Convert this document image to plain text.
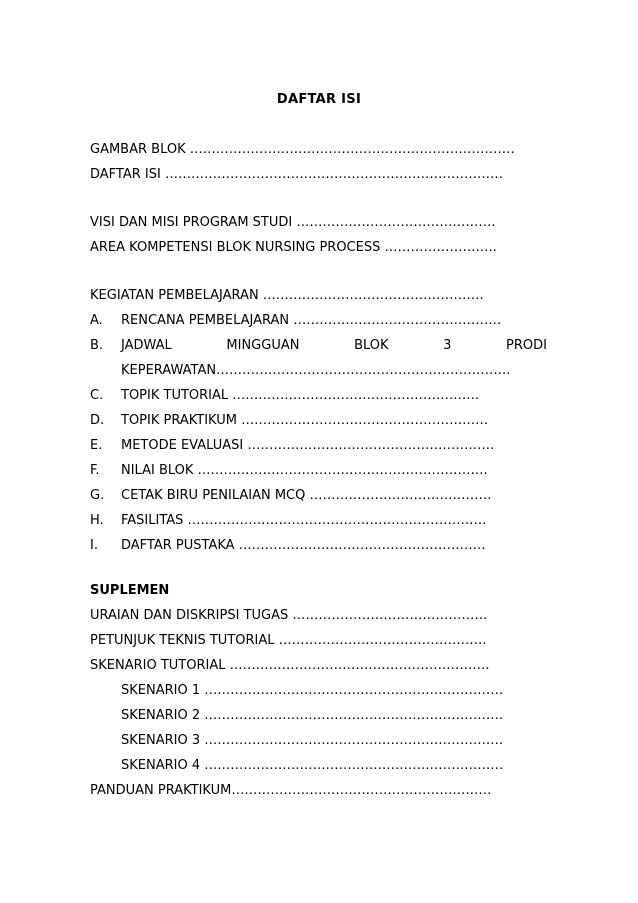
DAFTAR ISI
GAMBAR BLOK …………………………………………………………………
DAFTAR ISI ……………………………………………………………………
VISI DAN MISI PROGRAM STUDI ……………………………………….
AREA KOMPETENSI BLOK NURSING PROCESS ……………………..
KEGIATAN PEMBELAJARAN ……………………………………………
A. RENCANA PEMBELAJARAN …………………………………………
B. JADWAL	MINGGUAN	BLOK	3	PRODI
KEPERAWATAN…………………………………………………………..
C. TOPIK TUTORIAL …………………………………………………
D. TOPIK PRAKTIKUM …………………………………………………
E. METODE EVALUASI …………………………………………………
F. NILAI BLOK ………………………………………………………….
G. CETAK BIRU PENILAIAN MCQ ……………………………………
H. FASILITAS ……………………………………………………………
I. DAFTAR PUSTAKA …………………………………………………
SUPLEMEN
URAIAN DAN DISKRIPSI TUGAS ………………………………………
PETUNJUK TEKNIS TUTORIAL …………………………………………
SKENARIO TUTORIAL ……………………………………………………
SKENARIO 1 ……………………………………………………………
SKENARIO 2 ……………………………………………………………
SKENARIO 3 ……………………………………………………………
SKENARIO 4 ……………………………………………………………
PANDUAN PRAKTIKUM……………………………………………………
